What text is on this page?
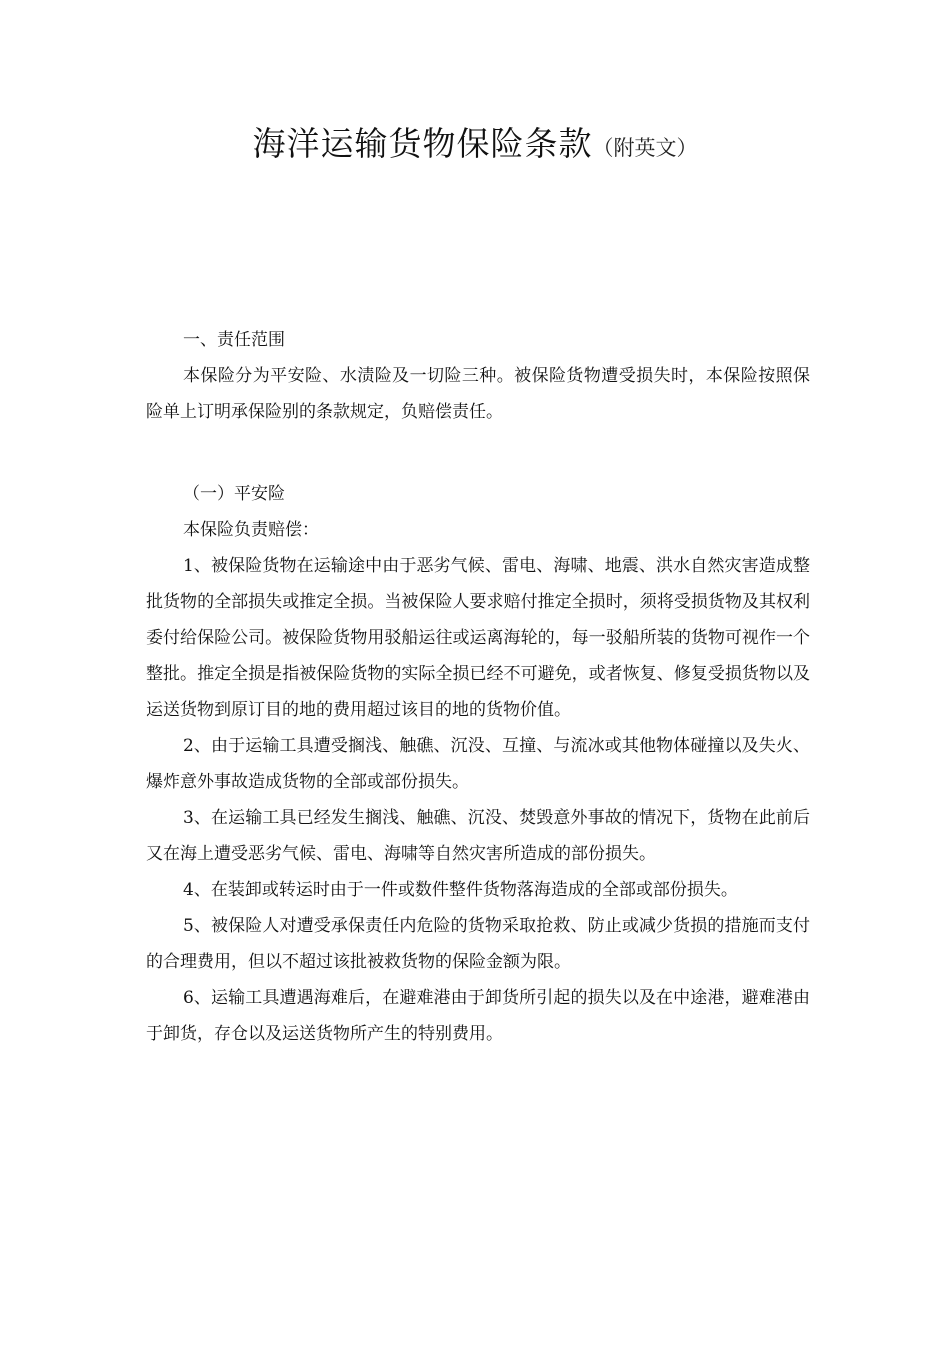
海洋运输货物保险条款（附英文）

一、责任范围

本保险分为平安险、水渍险及一切险三种。被保险货物遭受损失时，本保险按照保险单上订明承保险别的条款规定，负赔偿责任。

（一）平安险

本保险负责赔偿：

1、被保险货物在运输途中由于恶劣气候、雷电、海啸、地震、洪水自然灾害造成整批货物的全部损失或推定全损。当被保险人要求赔付推定全损时，须将受损货物及其权利委付给保险公司。被保险货物用驳船运往或运离海轮的，每一驳船所装的货物可视作一个整批。推定全损是指被保险货物的实际全损已经不可避免，或者恢复、修复受损货物以及运送货物到原订目的地的费用超过该目的地的货物价值。

2、由于运输工具遭受搁浅、触礁、沉没、互撞、与流冰或其他物体碰撞以及失火、爆炸意外事故造成货物的全部或部份损失。

3、在运输工具已经发生搁浅、触礁、沉没、焚毁意外事故的情况下，货物在此前后又在海上遭受恶劣气候、雷电、海啸等自然灾害所造成的部份损失。

4、在装卸或转运时由于一件或数件整件货物落海造成的全部或部份损失。

5、被保险人对遭受承保责任内危险的货物采取抢救、防止或减少货损的措施而支付的合理费用，但以不超过该批被救货物的保险金额为限。

6、运输工具遭遇海难后，在避难港由于卸货所引起的损失以及在中途港，避难港由于卸货，存仓以及运送货物所产生的特别费用。
